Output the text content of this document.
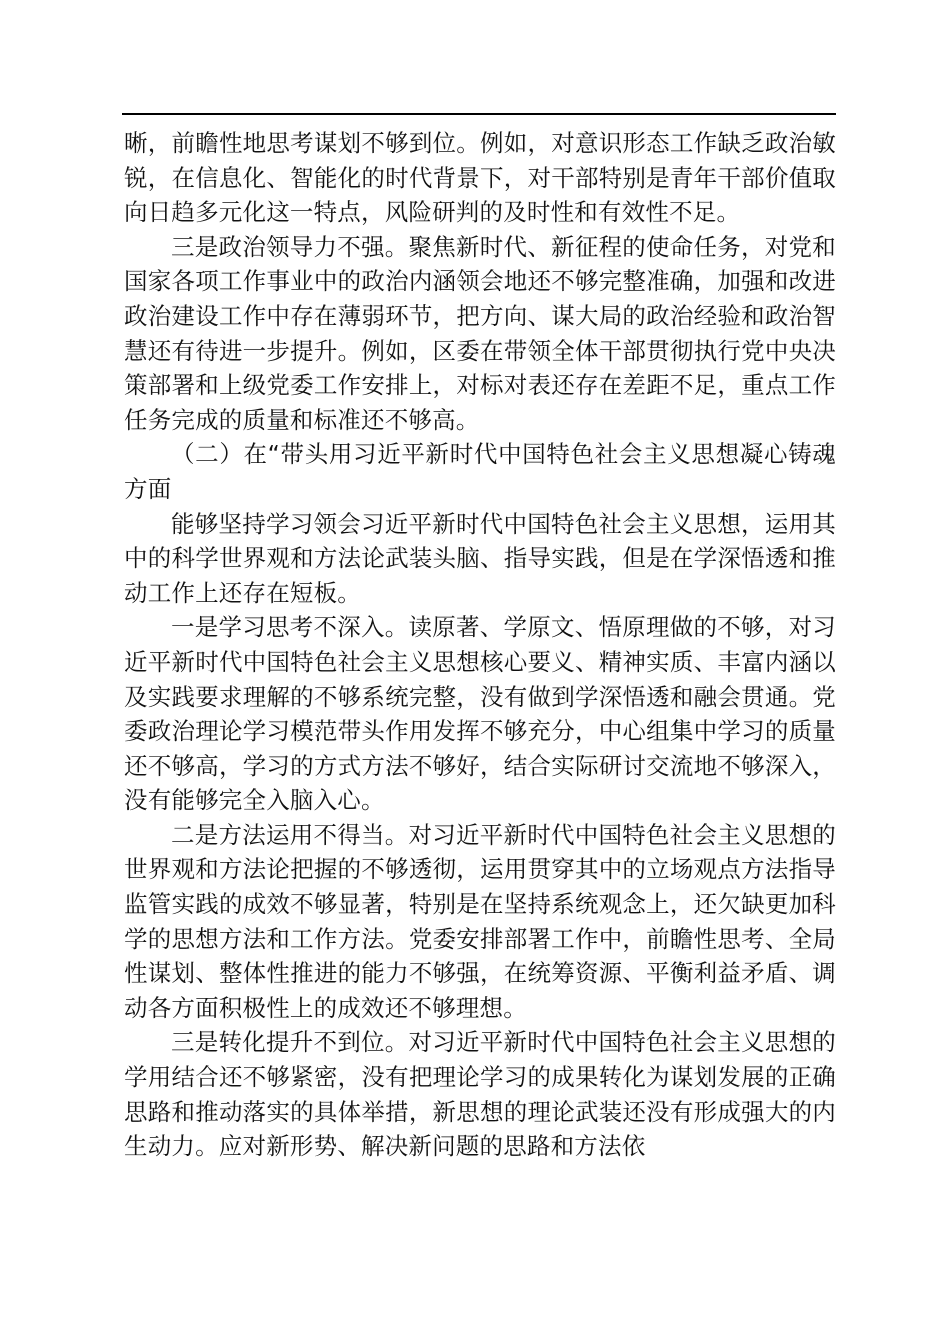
晰，前瞻性地思考谋划不够到位。例如，对意识形态工作缺乏政治敏锐，在信息化、智能化的时代背景下，对干部特别是青年干部价值取向日趋多元化这一特点，风险研判的及时性和有效性不足。

三是政治领导力不强。聚焦新时代、新征程的使命任务，对党和国家各项工作事业中的政治内涵领会地还不够完整准确，加强和改进政治建设工作中存在薄弱环节，把方向、谋大局的政治经验和政治智慧还有待进一步提升。例如，区委在带领全体干部贯彻执行党中央决策部署和上级党委工作安排上，对标对表还存在差距不足，重点工作任务完成的质量和标准还不够高。

（二）在“带头用习近平新时代中国特色社会主义思想凝心铸魂方面

能够坚持学习领会习近平新时代中国特色社会主义思想，运用其中的科学世界观和方法论武装头脑、指导实践，但是在学深悟透和推动工作上还存在短板。

一是学习思考不深入。读原著、学原文、悟原理做的不够，对习近平新时代中国特色社会主义思想核心要义、精神实质、丰富内涵以及实践要求理解的不够系统完整，没有做到学深悟透和融会贯通。党委政治理论学习模范带头作用发挥不够充分，中心组集中学习的质量还不够高，学习的方式方法不够好，结合实际研讨交流地不够深入，没有能够完全入脑入心。

二是方法运用不得当。对习近平新时代中国特色社会主义思想的世界观和方法论把握的不够透彻，运用贯穿其中的立场观点方法指导监管实践的成效不够显著，特别是在坚持系统观念上，还欠缺更加科学的思想方法和工作方法。党委安排部署工作中，前瞻性思考、全局性谋划、整体性推进的能力不够强，在统筹资源、平衡利益矛盾、调动各方面积极性上的成效还不够理想。

三是转化提升不到位。对习近平新时代中国特色社会主义思想的学用结合还不够紧密，没有把理论学习的成果转化为谋划发展的正确思路和推动落实的具体举措，新思想的理论武装还没有形成强大的内生动力。应对新形势、解决新问题的思路和方法依
